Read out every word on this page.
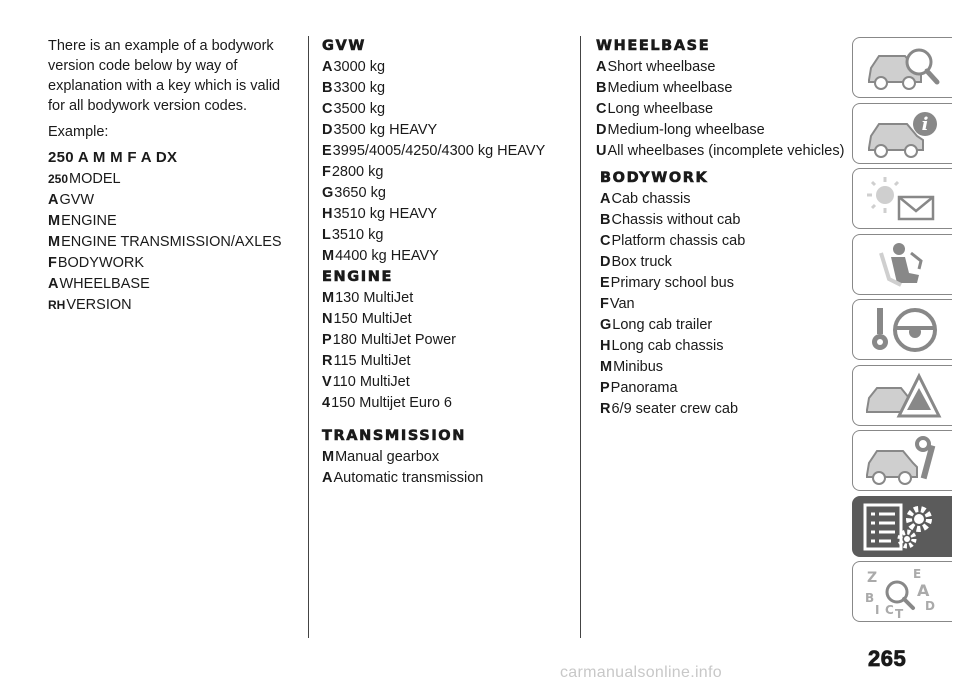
There is an example of a bodywork version code below by way of explanation with a key which is valid for all bodywork version codes.

Example:

250 A M M F A DX

250MODEL
AGVW
MENGINE
MENGINE TRANSMISSION/AXLES
FBODYWORK
AWHEELBASE
RHVERSION
GVW
A3000 kg
B3300 kg
C3500 kg
D3500 kg HEAVY
E3995/4005/4250/4300 kg HEAVY
F2800 kg
G3650 kg
H3510 kg HEAVY
L3510 kg
M4400 kg HEAVY
ENGINE
M130 MultiJet
N150 MultiJet
P180 MultiJet Power
R115 MultiJet
V110 MultiJet
4150 Multijet Euro 6
TRANSMISSION
MManual gearbox
AAutomatic transmission
WHEELBASE
AShort wheelbase
BMedium wheelbase
CLong wheelbase
DMedium-long wheelbase
UAll wheelbases (incomplete vehicles)
BODYWORK
ACab chassis
BChassis without cab
CPlatform chassis cab
DBox truck
EPrimary school bus
FVan
GLong cab trailer
HLong cab chassis
MMinibus
PPanorama
R6/9 seater crew cab
i
Z	E
A
B
I C T
D
265
carmanualsonline.info
